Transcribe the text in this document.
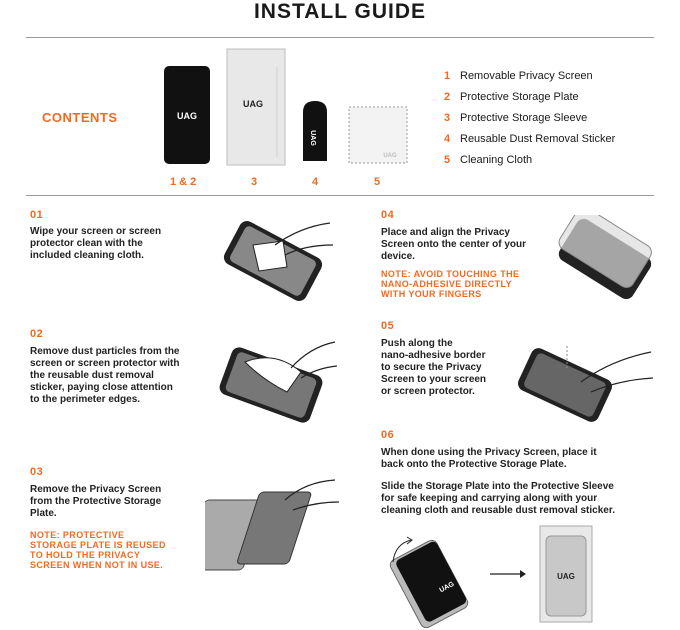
INSTALL GUIDE
CONTENTS	UAG
UAG
UAG
UAG
1 & 2	3	4	5
1 Removable Privacy Screen
2 Protective Storage Plate
3 Protective Storage Sleeve
4 Reusable Dust Removal Sticker
5 Cleaning Cloth
01
Wipe your screen or screen
protector clean with the
included cleaning cloth.
02
Remove dust particles from the
screen or screen protector with
the reusable dust removal
sticker, paying close attention
to the perimeter edges.
03
Remove the Privacy Screen
from the Protective Storage
Plate.
NOTE: PROTECTIVE
STORAGE PLATE IS REUSED
TO HOLD THE PRIVACY
SCREEN WHEN NOT IN USE.
04
Place and align the Privacy
Screen onto the center of your
device.
NOTE: AVOID TOUCHING THE
NANO-ADHESIVE DIRECTLY
WITH YOUR FINGERS
05
Push along the
nano-adhesive border
to secure the Privacy
Screen to your screen
or screen protector.
06
When done using the Privacy Screen, place it
back onto the Protective Storage Plate.
Slide the Storage Plate into the Protective Sleeve
for safe keeping and carrying along with your
cleaning cloth and reusable dust removal sticker.
UAG
UAG
